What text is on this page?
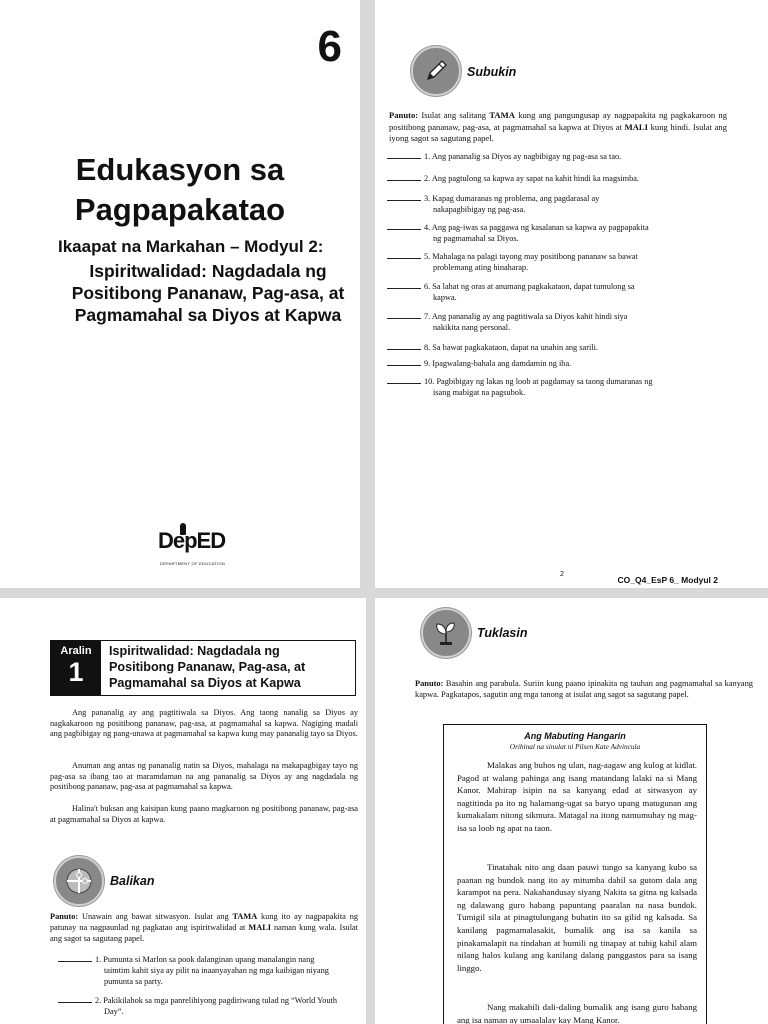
6
Edukasyon sa
Pagpapakatao
Ikaapat na Markahan – Modyul 2:
Ispiritwalidad: Nagdadala ng
Positibong Pananaw, Pag-asa, at
Pagmamahal sa Diyos at Kapwa
DepED
DEPARTMENT OF EDUCATION
Subukin
Panuto: Isulat ang salitang TAMA kung ang pangungusap ay nagpapakita ng pagkakaroon ng positibong pananaw, pag-asa, at pagmamahal sa kapwa at Diyos at MALI kung hindi. Isulat ang iyong sagot sa sagutang papel.
1. Ang pananalig sa Diyos ay nagbibigay ng pag-asa sa tao.
2. Ang pagtulong sa kapwa ay sapat na kahit hindi ka magsimba.
3. Kapag dumaranas ng problema, ang pagdarasal ay
nakapagbibigay ng pag-asa.
4. Ang pag-iwas sa paggawa ng kasalanan sa kapwa ay pagpapakita
ng pagmamahal sa Diyos.
5. Mahalaga na palagi tayong may positibong pananaw sa bawat
problemang ating hinaharap.
6. Sa lahat ng oras at anumang pagkakataon, dapat tumulong sa
kapwa.
7. Ang pananalig ay ang pagtitiwala sa Diyos kahit hindi siya
nakikita nang personal.
8. Sa bawat pagkakataon, dapat na unahin ang sarili.
9. Ipagwalang-bahala ang damdamin ng iba.
10. Pagbibigay ng lakas ng loob at pagdamay sa taong dumaranas ng
isang mabigat na pagsubok.
2
CO_Q4_EsP 6_ Modyul 2
Aralin
1
Ispiritwalidad: Nagdadala ng
Positibong Pananaw, Pag-asa, at
Pagmamahal sa Diyos at Kapwa
Ang pananalig ay ang pagtitiwala sa Diyos. Ang taong nanalig sa Diyos ay nagkakaroon ng positibong pananaw, pag-asa, at pagmamahal sa kapwa. Nagiging madali ang pagbibigay ng pang-unawa at pagmamahal sa kapwa kung may pananalig tayo sa Diyos.
Anuman ang antas ng pananalig natin sa Diyos, mahalaga na makapagbigay tayo ng pag-asa sa ibang tao at maramdaman na ang pananalig sa Diyos ay ang nagdadala ng positibong pananaw, pag-asa at pagmamahal sa kapwa.
Halina't buksan ang kaisipan kung paano magkaroon ng positibong pananaw, pag-asa at pagmamahal sa Diyos at kapwa.
Balikan
Panuto: Unawain ang bawat sitwasyon. Isulat ang TAMA kung ito ay nagpapakita ng patunay na nagpaunlad ng pagkatao ang ispiritwalidad at MALI naman kung wala. Isulat ang sagot sa sagutang papel.
1. Pumunta si Marlon sa pook dalanginan upang manalangin nang
taimtim kahit siya ay pilit na inaanyayahan ng mga kaibigan niyang
pumunta sa party.
2. Pakikilahok sa mga panrelihiyong pagdiriwang tulad ng “World Youth
Day”.
Tuklasin
Panuto: Basahin ang parabula. Suriin kung paano ipinakita ng tauhan ang pagmamahal sa kanyang kapwa. Pagkatapos, sagutin ang mga tanong at isulat ang sagot sa sagutang papel.
Ang Mabuting Hangarin
Orihinal na sinulat ni Pilsen Kate Advincula
Malakas ang buhos ng ulan, nag-aagaw ang kulog at kidlat. Pagod at walang pahinga ang isang matandang lalaki na si Mang Kanor. Mahirap isipin na sa kanyang edad at sitwasyon ay nagtitinda pa ito ng halamang-ugat sa baryo upang matugunan ang kumakalam nitong sikmura. Matagal na itong namumuhay ng mag-isa sa loob ng apat na taon.
Tinatahak nito ang daan pauwi tungo sa kanyang kubo sa paanan ng bundok nang ito ay mitumba dahil sa gutom dala ang karampot na pera. Nakahandusay siyang Nakita sa gitna ng kalsada ng dalawang guro habang papuntang paaralan na nasa bundok. Tumigil sila at pinagtulungang buhatin ito sa gilid ng kalsada. Sa kanilang pagmamalasakit, bumalik ang isa sa kanila sa pinakamalapit na tindahan at bumili ng tinapay at tubig kahil alam nilang halos kulang ang kanilang dalang panggastos para sa isang linggo.
Nang makabili dali-daling bumalik ang isang guro habang ang isa naman ay umaalalay kay Mang Kanor.
